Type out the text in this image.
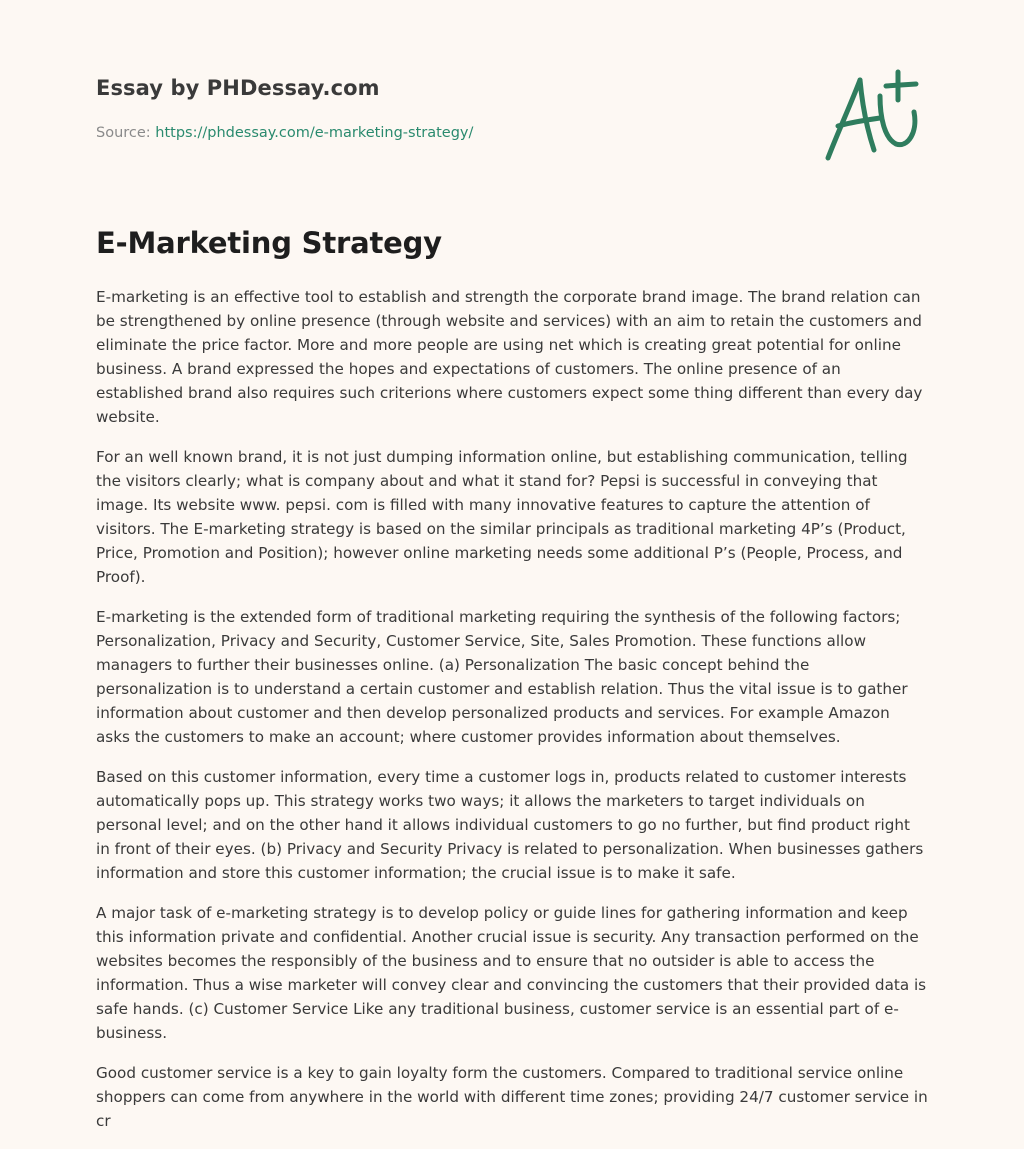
Essay by PHDessay.com

Source: https://phdessay.com/e-marketing-strategy/

E-Marketing Strategy

E-marketing is an effective tool to establish and strength the corporate brand image. The brand relation can be strengthened by online presence (through website and services) with an aim to retain the customers and eliminate the price factor. More and more people are using net which is creating great potential for online business. A brand expressed the hopes and expectations of customers. The online presence of an established brand also requires such criterions where customers expect some thing different than every day website.

For an well known brand, it is not just dumping information online, but establishing communication, telling the visitors clearly; what is company about and what it stand for? Pepsi is successful in conveying that image. Its website www. pepsi. com is filled with many innovative features to capture the attention of visitors. The E-marketing strategy is based on the similar principals as traditional marketing 4P’s (Product, Price, Promotion and Position); however online marketing needs some additional P’s (People, Process, and Proof).

E-marketing is the extended form of traditional marketing requiring the synthesis of the following factors; Personalization, Privacy and Security, Customer Service, Site, Sales Promotion. These functions allow managers to further their businesses online. (a) Personalization The basic concept behind the personalization is to understand a certain customer and establish relation. Thus the vital issue is to gather information about customer and then develop personalized products and services. For example Amazon asks the customers to make an account; where customer provides information about themselves.

Based on this customer information, every time a customer logs in, products related to customer interests automatically pops up. This strategy works two ways; it allows the marketers to target individuals on personal level; and on the other hand it allows individual customers to go no further, but find product right in front of their eyes. (b) Privacy and Security Privacy is related to personalization. When businesses gathers information and store this customer information; the crucial issue is to make it safe.

A major task of e-marketing strategy is to develop policy or guide lines for gathering information and keep this information private and confidential. Another crucial issue is security. Any transaction performed on the websites becomes the responsibly of the business and to ensure that no outsider is able to access the information. Thus a wise marketer will convey clear and convincing the customers that their provided data is safe hands. (c) Customer Service Like any traditional business, customer service is an essential part of e-business.

Good customer service is a key to gain loyalty form the customers. Compared to traditional service online shoppers can come from anywhere in the world with different time zones; providing 24/7 customer service in cr
